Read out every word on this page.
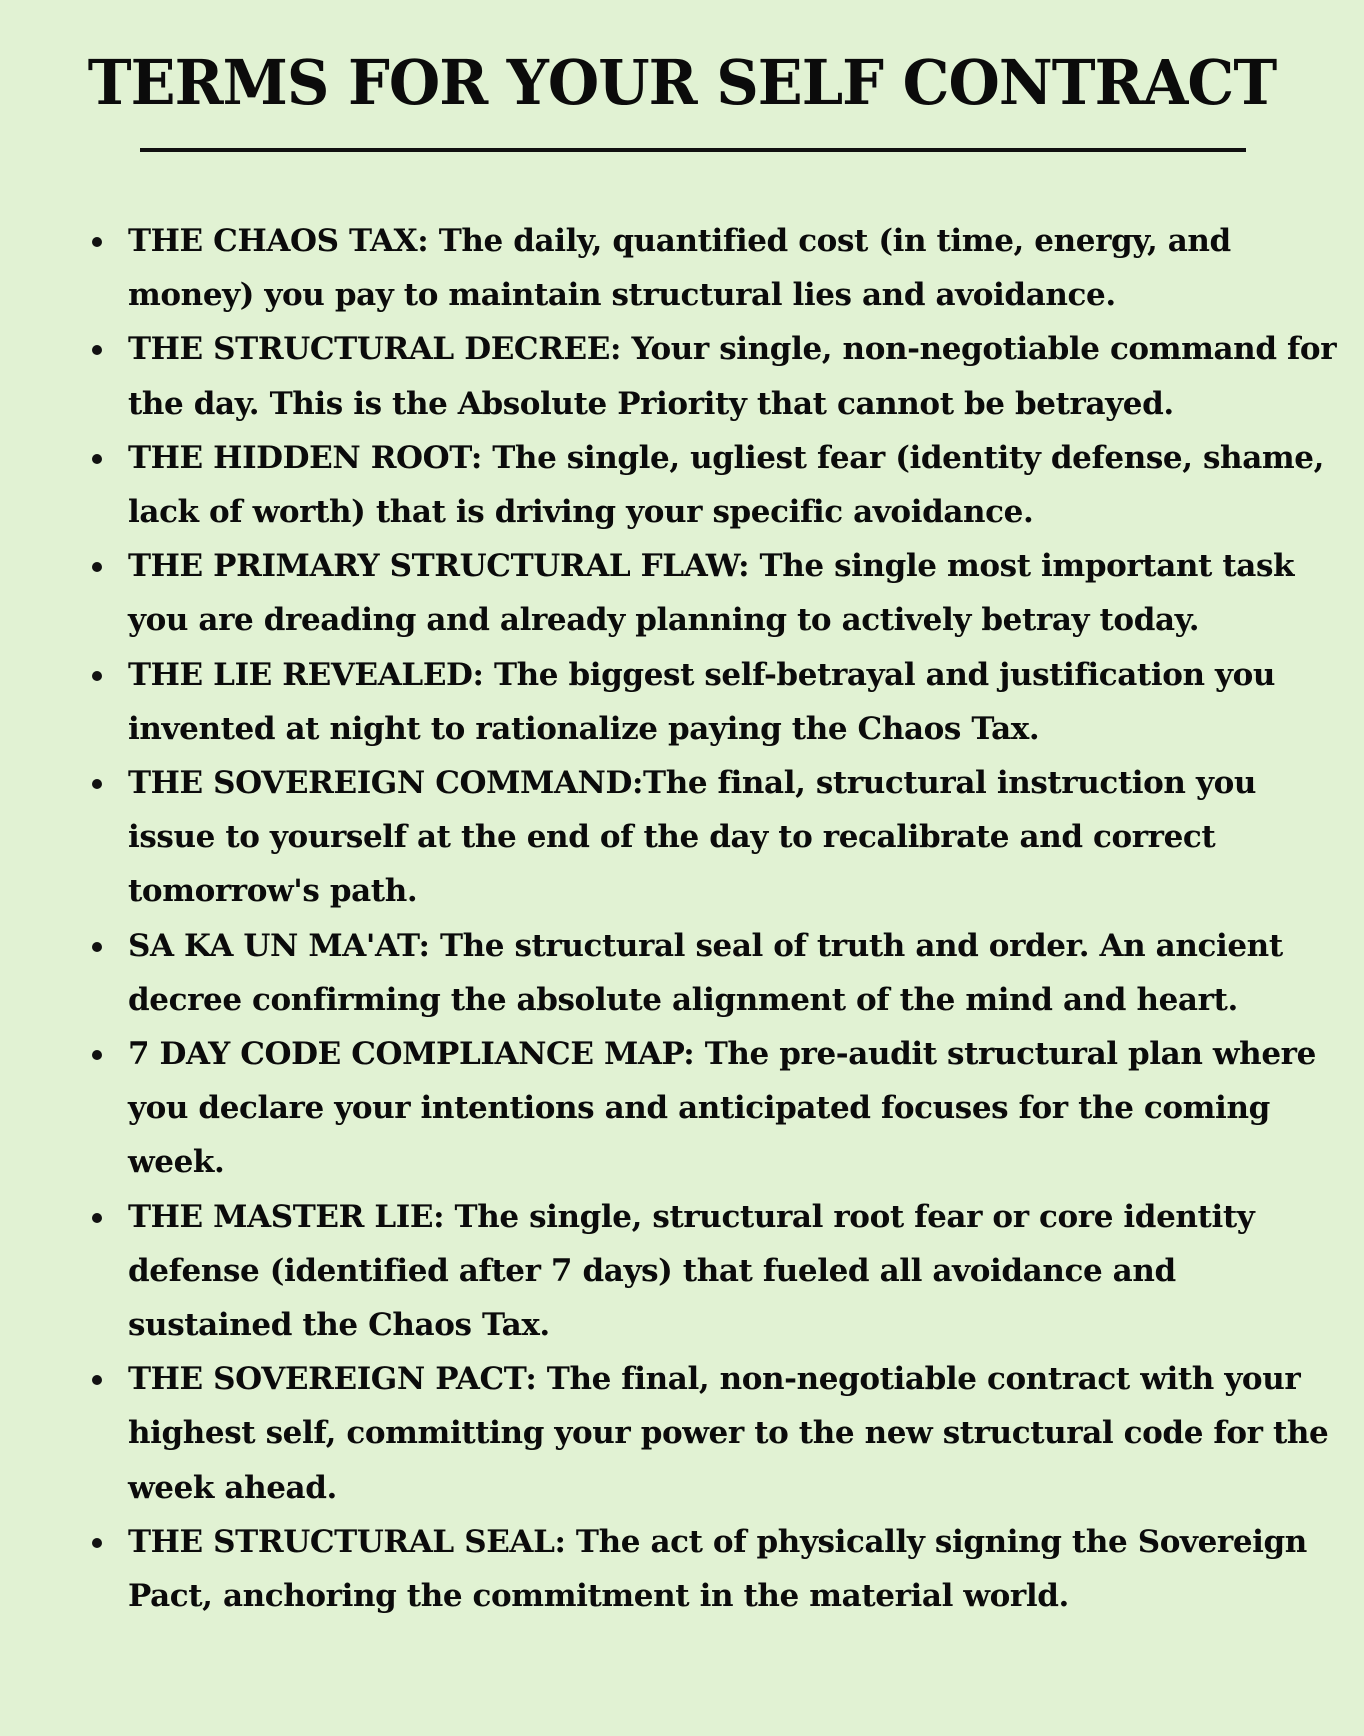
TERMS FOR YOUR SELF CONTRACT
THE CHAOS TAX: The daily, quantified cost (in time, energy, and money) you pay to maintain structural lies and avoidance.
THE STRUCTURAL DECREE: Your single, non-negotiable command for the day. This is the Absolute Priority that cannot be betrayed.
THE HIDDEN ROOT: The single, ugliest fear (identity defense, shame, lack of worth) that is driving your specific avoidance.
THE PRIMARY STRUCTURAL FLAW: The single most important task you are dreading and already planning to actively betray today.
THE LIE REVEALED: The biggest self-betrayal and justification you invented at night to rationalize paying the Chaos Tax.
THE SOVEREIGN COMMAND:The final, structural instruction you issue to yourself at the end of the day to recalibrate and correct tomorrow's path.
SA KA UN MA'AT: The structural seal of truth and order. An ancient decree confirming the absolute alignment of the mind and heart.
7 DAY CODE COMPLIANCE MAP: The pre-audit structural plan where you declare your intentions and anticipated focuses for the coming week.
THE MASTER LIE: The single, structural root fear or core identity defense (identified after 7 days) that fueled all avoidance and sustained the Chaos Tax.
THE SOVEREIGN PACT: The final, non-negotiable contract with your highest self, committing your power to the new structural code for the week ahead.
THE STRUCTURAL SEAL: The act of physically signing the Sovereign Pact, anchoring the commitment in the material world.
